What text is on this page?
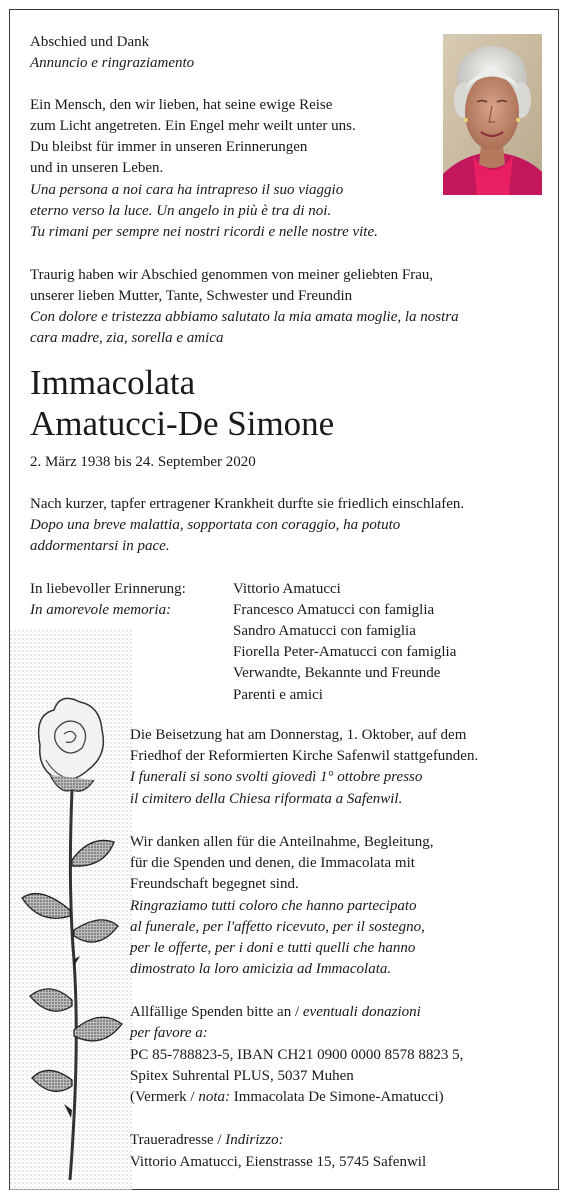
Abschied und Dank

Annuncio e ringraziamento

Ein Mensch, den wir lieben, hat seine ewige Reise

zum Licht angetreten. Ein Engel mehr weilt unter uns.

Du bleibst für immer in unseren Erinnerungen

und in unseren Leben.

Una persona a noi cara ha intrapreso il suo viaggio

eterno verso la luce. Un angelo in più è tra di noi.

Tu rimani per sempre nei nostri ricordi e nelle nostre vite.

Traurig haben wir Abschied genommen von meiner geliebten Frau,

unserer lieben Mutter, Tante, Schwester und Freundin

Con dolore e tristezza abbiamo salutato la mia amata moglie, la nostra

cara madre, zia, sorella e amica

Immacolata
Amatucci-De Simone

2. März 1938 bis 24. September 2020

Nach kurzer, tapfer ertragener Krankheit durfte sie friedlich einschlafen.

Dopo una breve malattia, sopportata con coraggio, ha potuto

addormentarsi in pace.

In liebevoller Erinnerung:
In amorevole memoria:
Vittorio Amatucci
Francesco Amatucci con famiglia
Sandro Amatucci con famiglia
Fiorella Peter-Amatucci con famiglia
Verwandte, Bekannte und Freunde
Parenti e amici

Die Beisetzung hat am Donnerstag, 1. Oktober, auf dem

Friedhof der Reformierten Kirche Safenwil stattgefunden.

I funerali si sono svolti giovedì 1° ottobre presso

il cimitero della Chiesa riformata a Safenwil.

Wir danken allen für die Anteilnahme, Begleitung,

für die Spenden und denen, die Immacolata mit

Freundschaft begegnet sind.

Ringraziamo tutti coloro che hanno partecipato

al funerale, per l'affetto ricevuto, per il sostegno,

per le offerte, per i doni e tutti quelli che hanno

dimostrato la loro amicizia ad Immacolata.

Allfällige Spenden bitte an / eventuali donazioni

per favore a:

PC 85-788823-5, IBAN CH21 0900 0000 8578 8823 5,

Spitex Suhrental PLUS, 5037 Muhen

(Vermerk / nota: Immacolata De Simone-Amatucci)

Traueradresse / Indirizzo:

Vittorio Amatucci, Eienstrasse 15, 5745 Safenwil
